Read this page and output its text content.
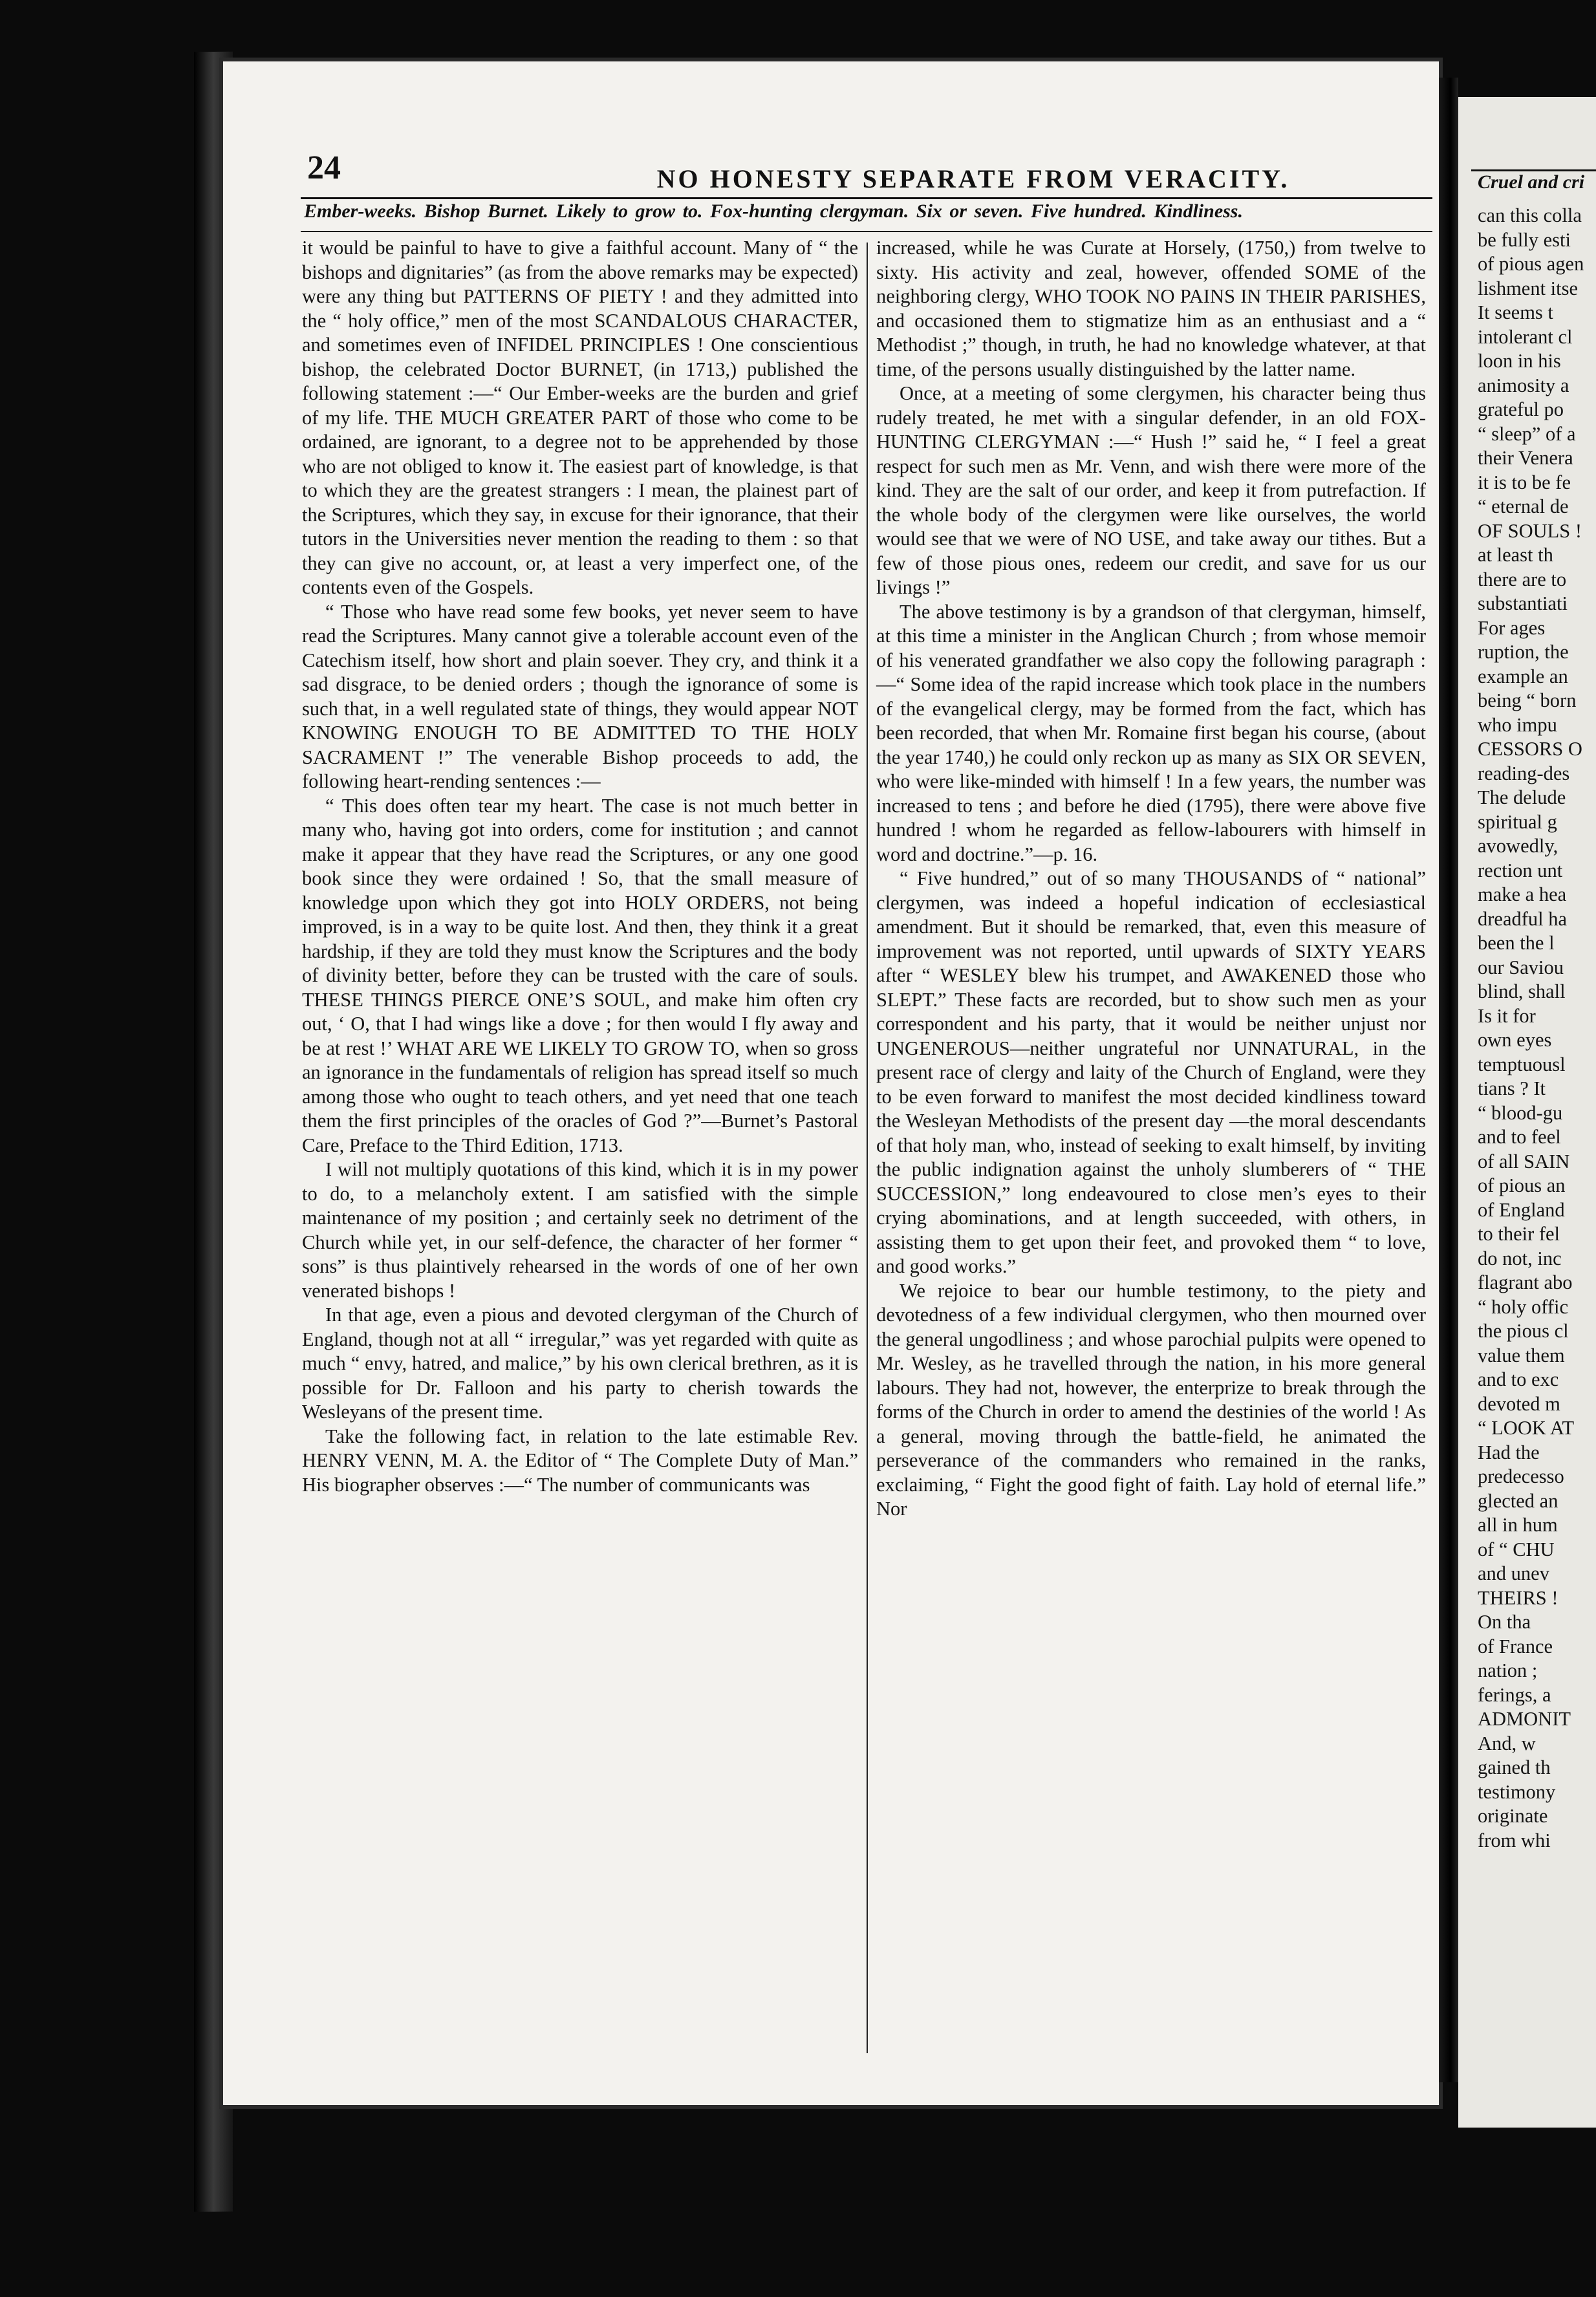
24	NO HONESTY SEPARATE FROM VERACITY.
Ember-weeks. Bishop Burnet. Likely to grow to. Fox-hunting clergyman. Six or seven. Five hundred. Kindliness.

it would be painful to have to give a faithful account. Many of “ the bishops and dignitaries” (as from the above remarks may be expected) were any thing but PATTERNS OF PIETY ! and they admitted into the “ holy office,” men of the most SCANDALOUS CHARACTER, and sometimes even of INFIDEL PRINCIPLES ! One conscientious bishop, the celebrated Doctor BURNET, (in 1713,) published the following statement :—“ Our Ember-weeks are the burden and grief of my life. THE MUCH GREATER PART of those who come to be ordained, are ignorant, to a degree not to be apprehended by those who are not obliged to know it. The easiest part of knowledge, is that to which they are the greatest strangers : I mean, the plainest part of the Scriptures, which they say, in excuse for their ignorance, that their tutors in the Universities never mention the reading to them : so that they can give no account, or, at least a very imperfect one, of the contents even of the Gospels.

“ Those who have read some few books, yet never seem to have read the Scriptures. Many cannot give a tolerable account even of the Catechism itself, how short and plain soever. They cry, and think it a sad disgrace, to be denied orders ; though the ignorance of some is such that, in a well regulated state of things, they would appear NOT KNOWING ENOUGH TO BE ADMITTED TO THE HOLY SACRAMENT !” The venerable Bishop proceeds to add, the following heart-rending sentences :—

“ This does often tear my heart. The case is not much better in many who, having got into orders, come for institution ; and cannot make it appear that they have read the Scriptures, or any one good book since they were ordained ! So, that the small measure of knowledge upon which they got into HOLY ORDERS, not being improved, is in a way to be quite lost. And then, they think it a great hardship, if they are told they must know the Scriptures and the body of divinity better, before they can be trusted with the care of souls. THESE THINGS PIERCE ONE’S SOUL, and make him often cry out, ‘ O, that I had wings like a dove ; for then would I fly away and be at rest !’ WHAT ARE WE LIKELY TO GROW TO, when so gross an ignorance in the fundamentals of religion has spread itself so much among those who ought to teach others, and yet need that one teach them the first principles of the oracles of God ?”—Burnet’s Pastoral Care, Preface to the Third Edition, 1713.

I will not multiply quotations of this kind, which it is in my power to do, to a melancholy extent. I am satisfied with the simple maintenance of my position ; and certainly seek no detriment of the Church while yet, in our self-defence, the character of her former “ sons” is thus plaintively rehearsed in the words of one of her own venerated bishops !

In that age, even a pious and devoted clergyman of the Church of England, though not at all “ irregular,” was yet regarded with quite as much “ envy, hatred, and malice,” by his own clerical brethren, as it is possible for Dr. Falloon and his party to cherish towards the Wesleyans of the present time.

Take the following fact, in relation to the late estimable Rev. HENRY VENN, M. A. the Editor of “ The Complete Duty of Man.” His biographer observes :—“ The number of communicants was

increased, while he was Curate at Horsely, (1750,) from twelve to sixty. His activity and zeal, however, offended SOME of the neighboring clergy, WHO TOOK NO PAINS IN THEIR PARISHES, and occasioned them to stigmatize him as an enthusiast and a “ Methodist ;” though, in truth, he had no knowledge whatever, at that time, of the persons usually distinguished by the latter name.

Once, at a meeting of some clergymen, his character being thus rudely treated, he met with a singular defender, in an old FOX-HUNTING CLERGYMAN :—“ Hush !” said he, “ I feel a great respect for such men as Mr. Venn, and wish there were more of the kind. They are the salt of our order, and keep it from putrefaction. If the whole body of the clergymen were like ourselves, the world would see that we were of NO USE, and take away our tithes. But a few of those pious ones, redeem our credit, and save for us our livings !”

The above testimony is by a grandson of that clergyman, himself, at this time a minister in the Anglican Church ; from whose memoir of his venerated grandfather we also copy the following paragraph :—“ Some idea of the rapid increase which took place in the numbers of the evangelical clergy, may be formed from the fact, which has been recorded, that when Mr. Romaine first began his course, (about the year 1740,) he could only reckon up as many as SIX OR SEVEN, who were like-minded with himself ! In a few years, the number was increased to tens ; and before he died (1795), there were above five hundred ! whom he regarded as fellow-labourers with himself in word and doctrine.”—p. 16.

“ Five hundred,” out of so many THOUSANDS of “ national” clergymen, was indeed a hopeful indication of ecclesiastical amendment. But it should be remarked, that, even this measure of improvement was not reported, until upwards of SIXTY YEARS after “ WESLEY blew his trumpet, and AWAKENED those who SLEPT.” These facts are recorded, but to show such men as your correspondent and his party, that it would be neither unjust nor UNGENEROUS—neither ungrateful nor UNNATURAL, in the present race of clergy and laity of the Church of England, were they to be even forward to manifest the most decided kindliness toward the Wesleyan Methodists of the present day —the moral descendants of that holy man, who, instead of seeking to exalt himself, by inviting the public indignation against the unholy slumberers of “ THE SUCCESSION,” long endeavoured to close men’s eyes to their crying abominations, and at length succeeded, with others, in assisting them to get upon their feet, and provoked them “ to love, and good works.”

We rejoice to bear our humble testimony, to the piety and devotedness of a few individual clergymen, who then mourned over the general ungodliness ; and whose parochial pulpits were opened to Mr. Wesley, as he travelled through the nation, in his more general labours. They had not, however, the enterprize to break through the forms of the Church in order to amend the destinies of the world ! As a general, moving through the battle-field, he animated the perseverance of the commanders who remained in the ranks, exclaiming, “ Fight the good fight of faith. Lay hold of eternal life.” Nor

Cruel and cri
can this colla
be fully esti
of pious agen
lishment itse
It seems t
intolerant cl
loon in his
animosity a
grateful po
“ sleep” of a
their Venera
it is to be fe
“ eternal de
OF SOULS !
at least th
there are to
substantiati
For ages
ruption, the
example an
being “ born
who impu
CESSORS O
reading-des
The delude
spiritual g
avowedly,
rection unt
make a hea
dreadful ha
been the l
our Saviou
blind, shall
Is it for
own eyes
temptuousl
tians ? It
“ blood-gu
and to feel
of all SAIN
of pious an
of England
to their fel
do not, inc
flagrant abo
“ holy offic
the pious cl
value them
and to exc
devoted m
“ LOOK AT
Had the
predecesso
glected an
all in hum
of “ CHU
and unev
THEIRS !
On tha
of France
nation ;
ferings, a
ADMONIT
And, w
gained th
testimony
originate
from whi
